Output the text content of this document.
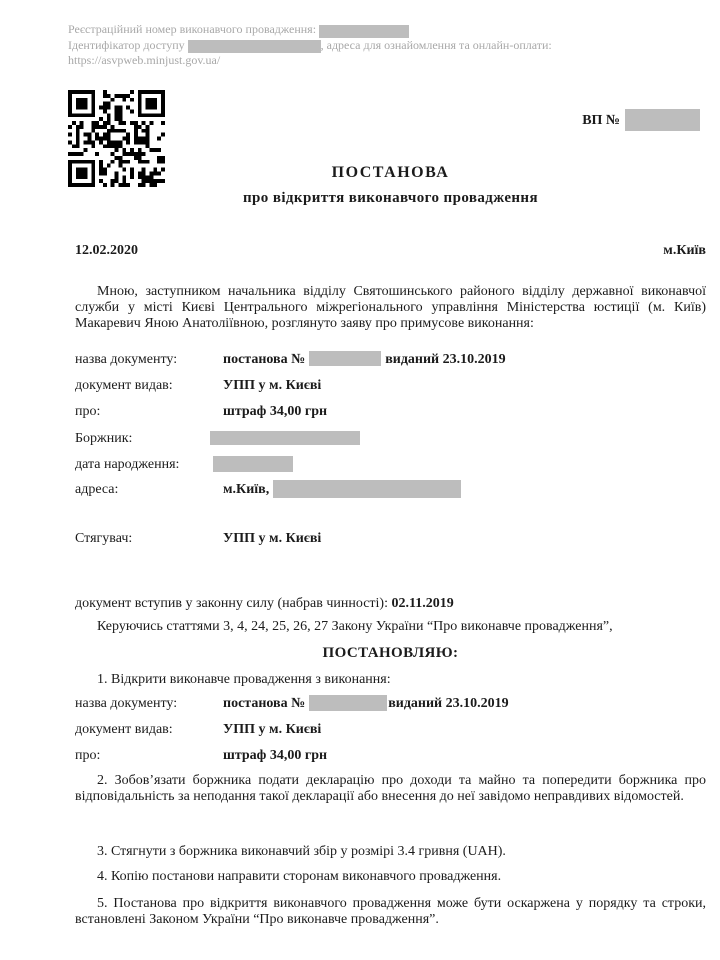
Реєстраційний номер виконавчого провадження:
Ідентифікатор доступу	, адреса для ознайомлення та онлайн-оплати:
https://asvpweb.minjust.gov.ua/
ВП №
ПОСТАНОВА
про відкриття виконавчого провадження
12.02.2020	м.Київ
Мною, заступником начальника відділу Святошинського районого відділу державної виконавчої служби у місті Києві Центрального міжрегіонального управління Міністерства юстиції (м. Київ) Макаревич Яною Анатоліївною, розглянуто заяву про примусове виконання:
назва документу:	постанова №	виданий 23.10.2019
документ видав:	УПП у м. Києві
про:	штраф 34,00 грн
Боржник:
дата народження:
адреса:	м.Київ,
Стягувач:	УПП у м. Києві
документ вступив у законну силу (набрав чинності): 02.11.2019
Керуючись статтями 3, 4, 24, 25, 26, 27 Закону України “Про виконавче провадження”,
ПОСТАНОВЛЯЮ:
1. Відкрити виконавче провадження з виконання:
назва документу:	постанова №	виданий 23.10.2019
документ видав:	УПП у м. Києві
про:	штраф 34,00 грн
2. Зобов’язати боржника подати декларацію про доходи та майно та попередити боржника про відповідальність за неподання такої декларації або внесення до неї завідомо неправдивих відомостей.
3. Стягнути з боржника виконавчий збір у розмірі 3.4 гривня (UAH).
4. Копію постанови направити сторонам виконавчого провадження.
5. Постанова про відкриття виконавчого провадження може бути оскаржена у порядку та строки, встановлені Законом України “Про виконавче провадження”.
